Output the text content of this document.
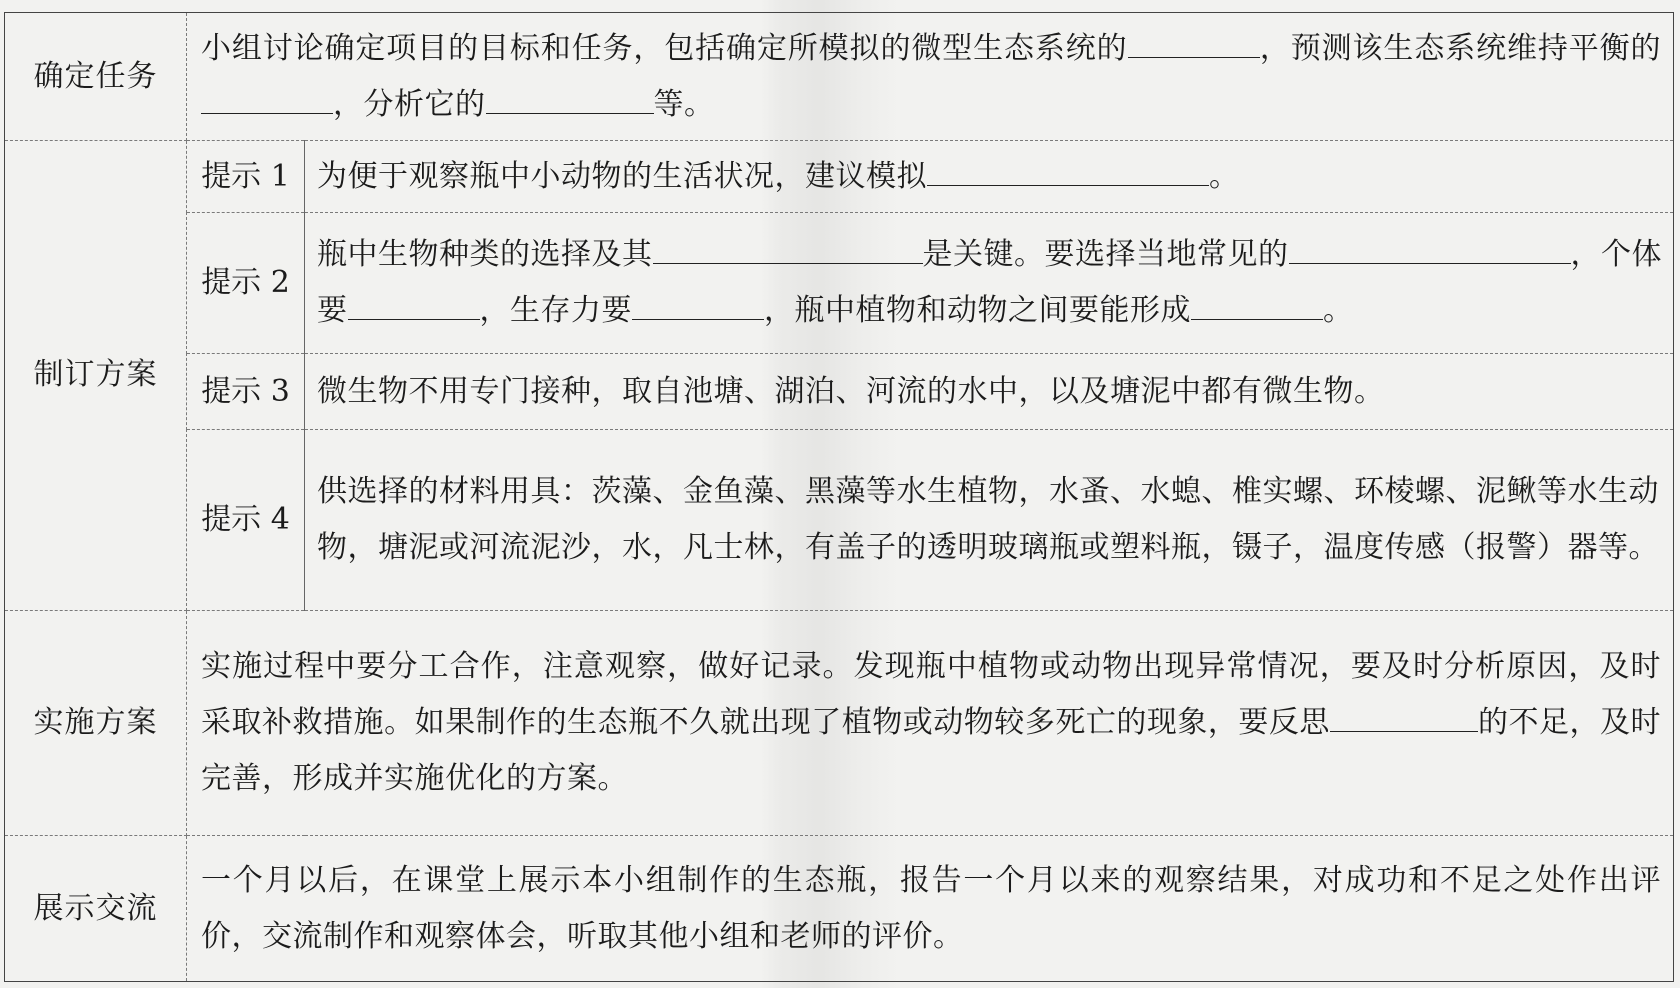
确定任务	小组讨论确定项目的目标和任务，包括确定所模拟的微型生态系统的 ，预测该生态系统维持平衡的，分析它的 等。	
制订方案	提示 1	为便于观察瓶中小动物的生活状况，建议模拟 。
	提示 2	瓶中生物种类的选择及其 是关键。要选择当地常见的 ，个体要 ，生存力要 ，瓶中植物和动物之间要能形成 。
	提示 3	微生物不用专门接种，取自池塘、湖泊、河流的水中，以及塘泥中都有微生物。
	提示 4	供选择的材料用具：茨藻、金鱼藻、黑藻等水生植物，水蚤、水螅、椎实螺、环棱螺、泥鳅等水生动物，塘泥或河流泥沙，水，凡士林，有盖子的透明玻璃瓶或塑料瓶，镊子，温度传感（报警）器等。
实施方案	实施过程中要分工合作，注意观察，做好记录。发现瓶中植物或动物出现异常情况，要及时分析原因，及时采取补救措施。如果制作的生态瓶不久就出现了植物或动物较多死亡的现象，要反思 的不足，及时完善，形成并实施优化的方案。	
展示交流	一个月以后，在课堂上展示本小组制作的生态瓶，报告一个月以来的观察结果，对成功和不足之处作出评价，交流制作和观察体会，听取其他小组和老师的评价。	
